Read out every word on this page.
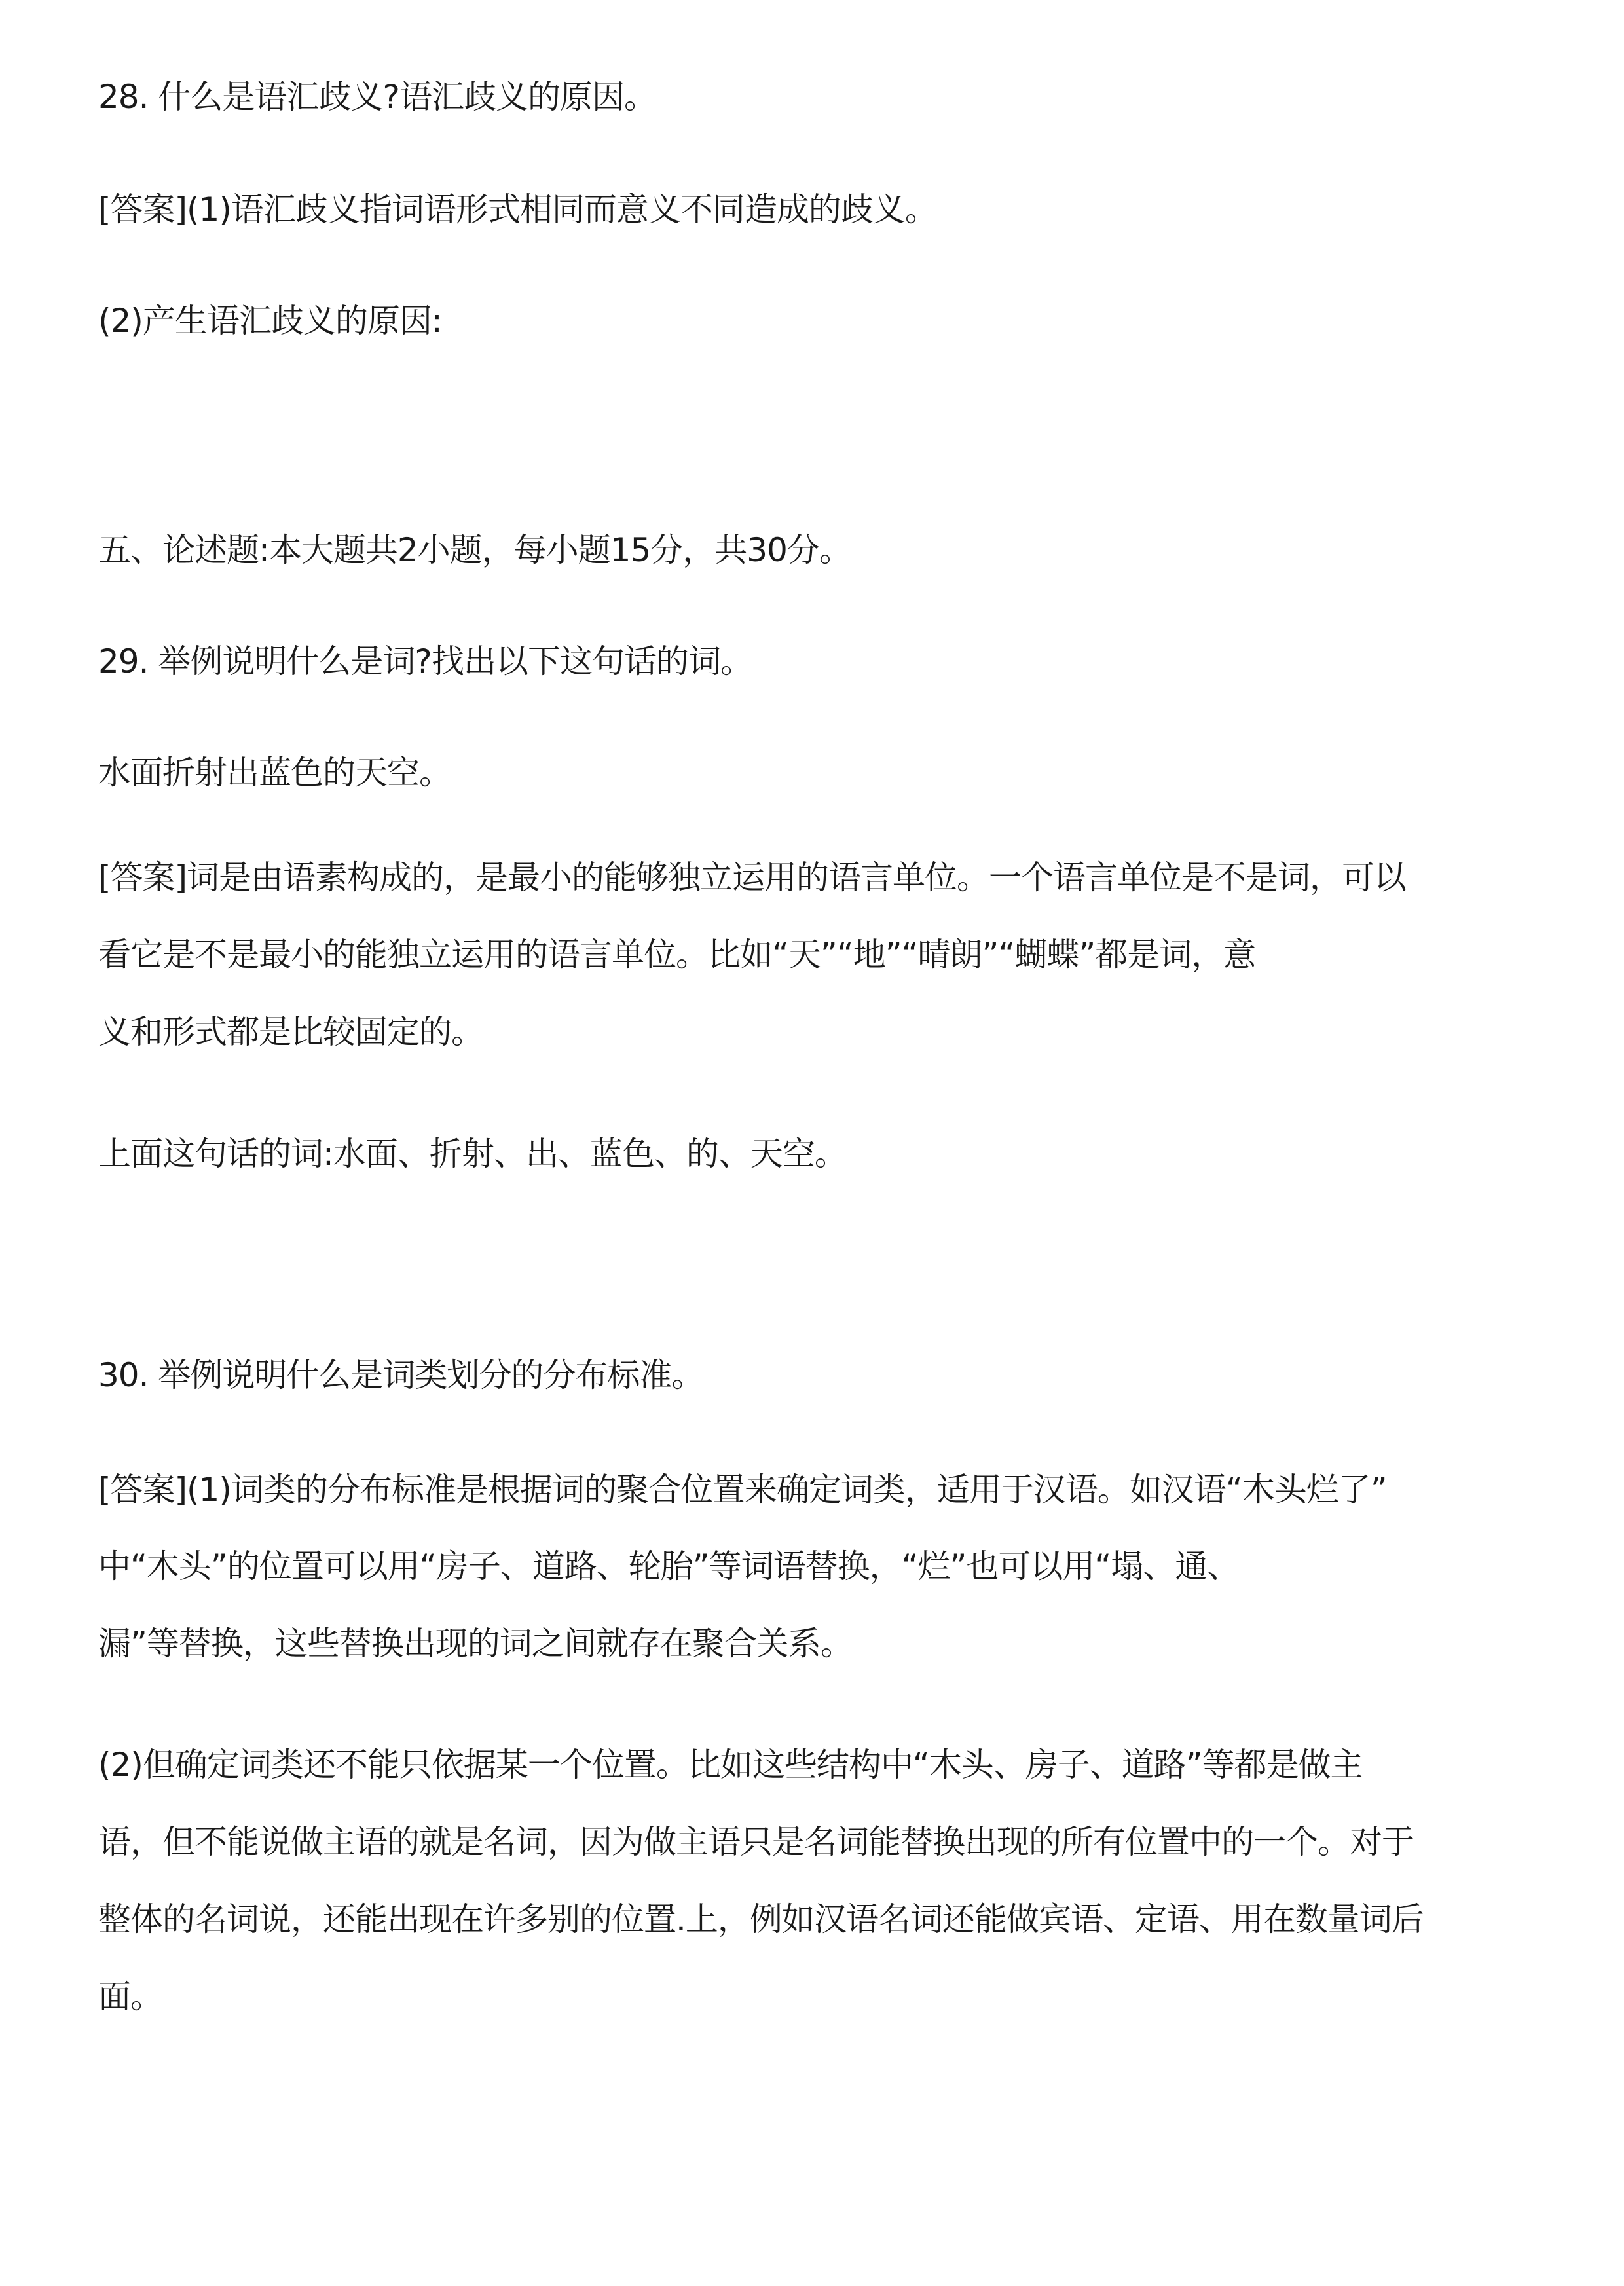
28. 什么是语汇歧义?语汇歧义的原因。
[答案](1)语汇歧义指词语形式相同而意义不同造成的歧义。
(2)产生语汇歧义的原因:
五、论述题:本大题共2小题，每小题15分，共30分。
29. 举例说明什么是词?找出以下这句话的词。
水面折射出蓝色的天空。
[答案]词是由语素构成的，是最小的能够独立运用的语言单位。一个语言单位是不是词，可以
看它是不是最小的能独立运用的语言单位。比如“天”“地”“晴朗”“蝴蝶”都是词，意
义和形式都是比较固定的。
上面这句话的词:水面、折射、出、蓝色、的、天空。
30. 举例说明什么是词类划分的分布标准。
[答案](1)词类的分布标准是根据词的聚合位置来确定词类，适用于汉语。如汉语“木头烂了”
中“木头”的位置可以用“房子、道路、轮胎”等词语替换，“烂”也可以用“塌、通、
漏”等替换，这些替换出现的词之间就存在聚合关系。
(2)但确定词类还不能只依据某一个位置。比如这些结构中“木头、房子、道路”等都是做主
语，但不能说做主语的就是名词，因为做主语只是名词能替换出现的所有位置中的一个。对于
整体的名词说，还能出现在许多别的位置.上，例如汉语名词还能做宾语、定语、用在数量词后
面。
